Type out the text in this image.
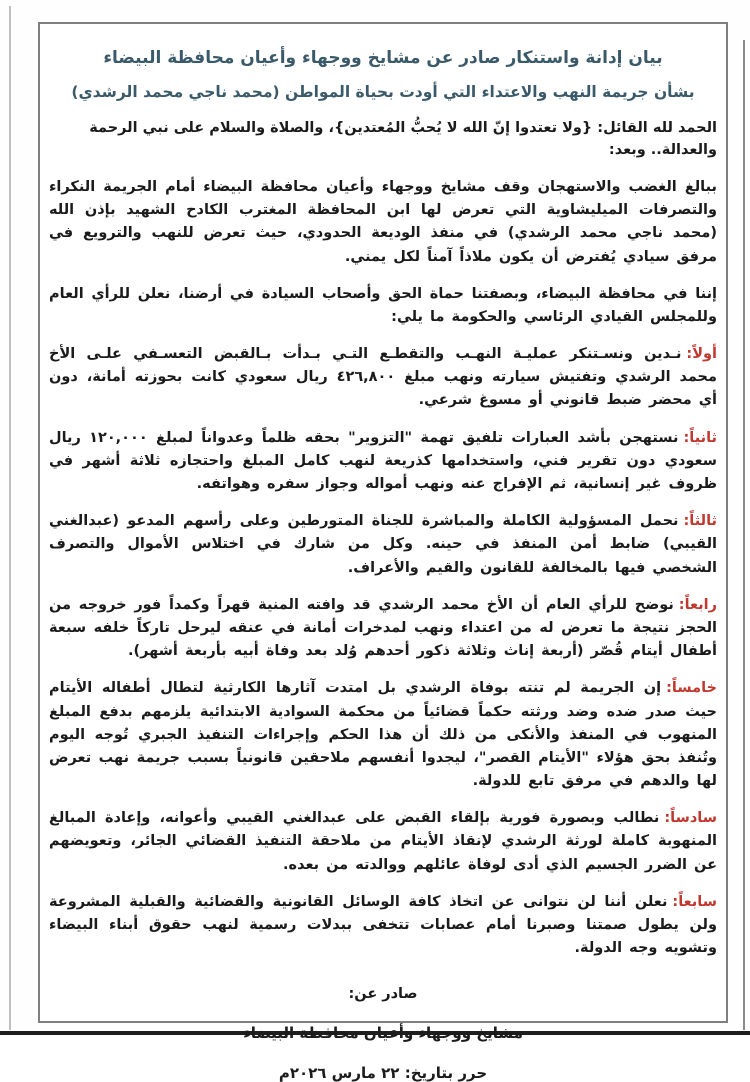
بيان إدانة واستنكار صادر عن مشايخ ووجهاء وأعيان محافظة البيضاء
بشأن جريمة النهب والاعتداء التي أودت بحياة المواطن (محمد ناجي محمد الرشدي)

الحمد لله القائل: {ولا تعتدوا إنّ الله لا يُحبُّ المُعتدين}، والصلاة والسلام على نبي الرحمة والعدالة.. وبعد:

ببالغ الغضب والاستهجان وقف مشايخ ووجهاء وأعيان محافظة البيضاء أمام الجريمة النكراء والتصرفات الميليشاوية التي تعرض لها ابن المحافظة المغترب الكادح الشهيد بإذن الله (محمد ناجي محمد الرشدي) في منفذ الوديعة الحدودي، حيث تعرض للنهب والترويع في مرفق سيادي يُفترض أن يكون ملاذاً آمناً لكل يمني.

إننا في محافظة البيضاء، وبصفتنا حماة الحق وأصحاب السيادة في أرضنا، نعلن للرأي العام وللمجلس القيادي الرئاسي والحكومة ما يلي:

أولاً:نـدين ونسـتنكر عمليـة النهـب والتقطـع التـي بـدأت بـالقبض التعسـفي علـى الأخ محمد الرشدي وتفتيش سيارته ونهب مبلغ ٤٢٦,٨٠٠ ريال سعودي كانت بحوزته أمانة، دون أي محضر ضبط قانوني أو مسوغ شرعي.

ثانياً:نستهجن بأشد العبارات تلفيق تهمة "التزوير" بحقه ظلماً وعدواناً لمبلغ ١٢٠,٠٠٠ ريال سعودي دون تقرير فني، واستخدامها كذريعة لنهب كامل المبلغ واحتجازه ثلاثة أشهر في ظروف غير إنسانية، ثم الإفراج عنه ونهب أمواله وجواز سفره وهواتفه.

ثالثاً:نحمل المسؤولية الكاملة والمباشرة للجناة المتورطين وعلى رأسهم المدعو (عبدالغني القيبي) ضابط أمن المنفذ في حينه. وكل من شارك في اختلاس الأموال والتصرف الشخصي فيها بالمخالفة للقانون والقيم والأعراف.

رابعاً:نوضح للرأي العام أن الأخ محمد الرشدي قد وافته المنية قهراً وكمداً فور خروجه من الحجز نتيجة ما تعرض له من اعتداء ونهب لمدخرات أمانة في عنقه ليرحل تاركاً خلفه سبعة أطفال أيتام قُصّر (أربعة إناث وثلاثة ذكور أحدهم وُلد بعد وفاة أبيه بأربعة أشهر).

خامساً:إن الجريمة لم تنته بوفاة الرشدي بل امتدت آثارها الكارثية لتطال أطفاله الأيتام حيث صدر ضده وضد ورثته حكماً قضائياً من محكمة السوادية الابتدائية يلزمهم بدفع المبلغ المنهوب في المنفذ والأنكى من ذلك أن هذا الحكم وإجراءات التنفيذ الجبري تُوجه اليوم وتُنفذ بحق هؤلاء "الأيتام القصر"، ليجدوا أنفسهم ملاحقين قانونياً بسبب جريمة نهب تعرض لها والدهم في مرفق تابع للدولة.

سادساً:نطالب وبصورة فورية بإلقاء القبض على عبدالغني القيبي وأعوانه، وإعادة المبالغ المنهوبة كاملة لورثة الرشدي لإنقاذ الأيتام من ملاحقة التنفيذ القضائي الجائر، وتعويضهم عن الضرر الجسيم الذي أدى لوفاة عائلهم ووالدته من بعده.

سابعاً:نعلن أننا لن نتوانى عن اتخاذ كافة الوسائل القانونية والقضائية والقبلية المشروعة ولن يطول صمتنا وصبرنا أمام عصابات تتخفى ببدلات رسمية لنهب حقوق أبناء البيضاء وتشويه وجه الدولة.

صادر عن:

مشايخ ووجهاء وأعيان محافظة البيضاء

حرر بتاريخ: ٢٢ مارس ٢٠٢٦م
